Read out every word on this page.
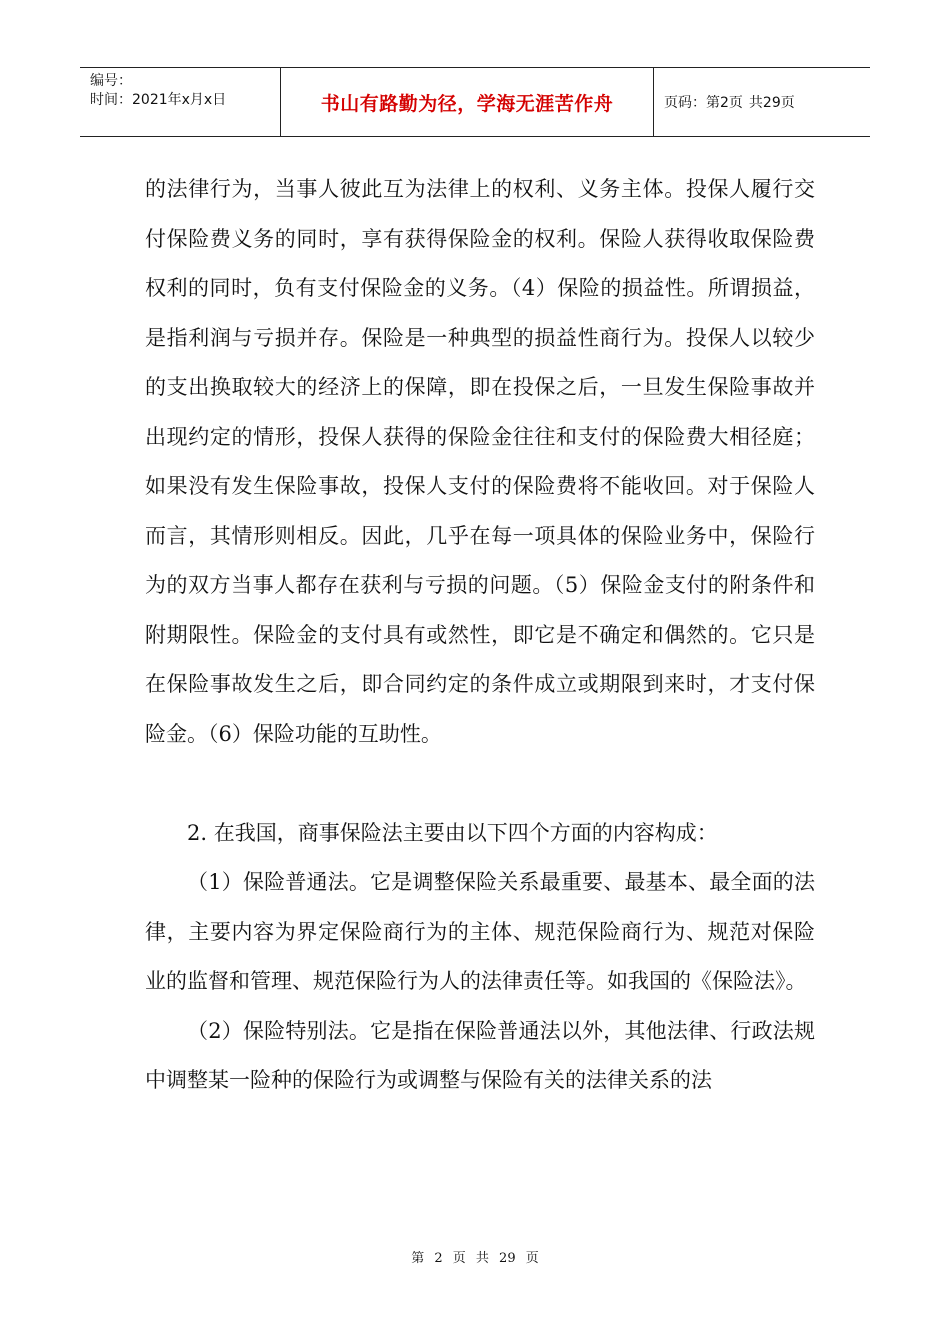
编号：
时间：2021年x月x日	书山有路勤为径，学海无涯苦作舟	页码：第2页 共29页

的法律行为，当事人彼此互为法律上的权利、义务主体。投保人履行交付保险费义务的同时，享有获得保险金的权利。保险人获得收取保险费权利的同时，负有支付保险金的义务。（4）保险的损益性。所谓损益，是指利润与亏损并存。保险是一种典型的损益性商行为。投保人以较少的支出换取较大的经济上的保障，即在投保之后，一旦发生保险事故并出现约定的情形，投保人获得的保险金往往和支付的保险费大相径庭；如果没有发生保险事故，投保人支付的保险费将不能收回。对于保险人而言，其情形则相反。因此，几乎在每一项具体的保险业务中，保险行为的双方当事人都存在获利与亏损的问题。（5）保险金支付的附条件和附期限性。保险金的支付具有或然性，即它是不确定和偶然的。它只是在保险事故发生之后，即合同约定的条件成立或期限到来时，才支付保险金。（6）保险功能的互助性。

2. 在我国，商事保险法主要由以下四个方面的内容构成：

（1）保险普通法。它是调整保险关系最重要、最基本、最全面的法律，主要内容为界定保险商行为的主体、规范保险商行为、规范对保险业的监督和管理、规范保险行为人的法律责任等。如我国的《保险法》。

（2）保险特别法。它是指在保险普通法以外，其他法律、行政法规中调整某一险种的保险行为或调整与保险有关的法律关系的法

第 2 页 共 29 页
